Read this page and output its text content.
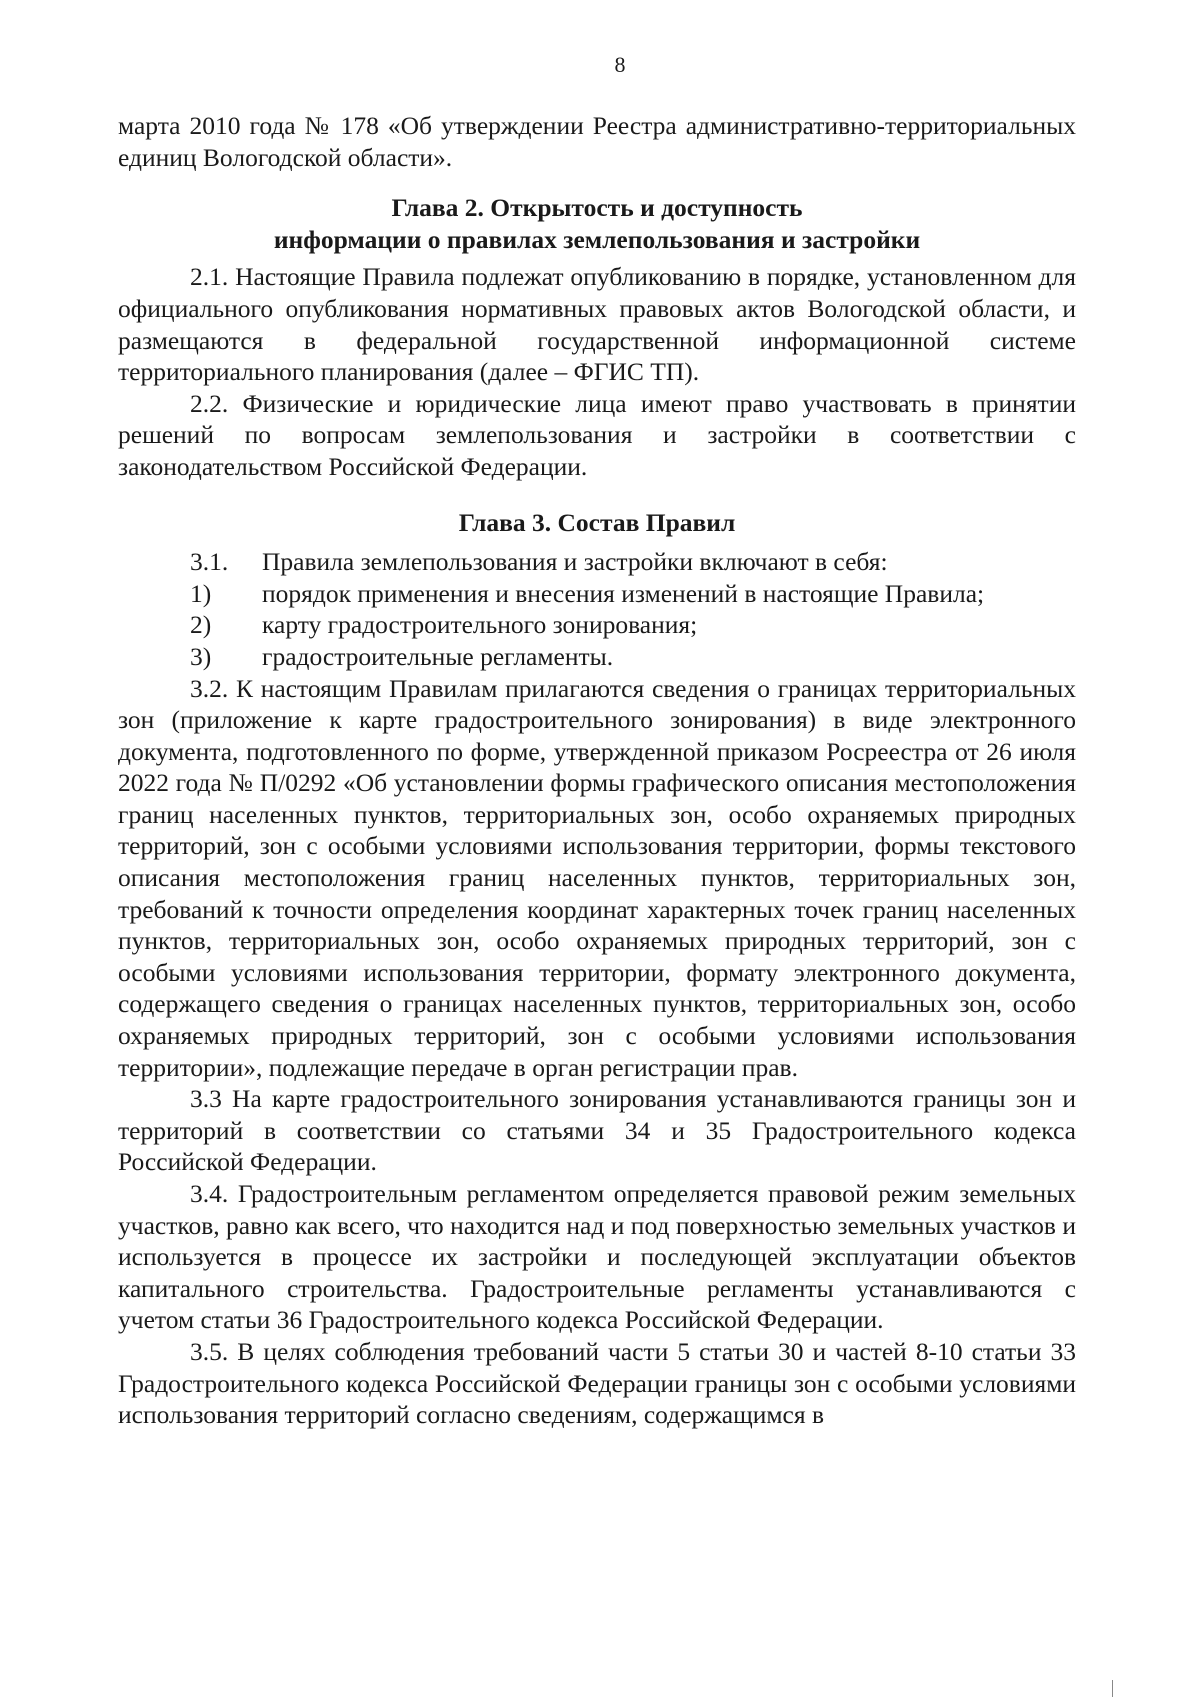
8

марта 2010 года № 178 «Об утверждении Реестра административно-территориальных единиц Вологодской области».

Глава 2. Открытость и доступность

информации о правилах землепользования и застройки

2.1. Настоящие Правила подлежат опубликованию в порядке, установленном для официального опубликования нормативных правовых актов Вологодской области, и размещаются в федеральной государственной информационной системе территориального планирования (далее – ФГИС ТП).

2.2. Физические и юридические лица имеют право участвовать в принятии решений по вопросам землепользования и застройки в соответствии с законодательством Российской Федерации.

Глава 3. Состав Правил

3.1.	Правила землепользования и застройки включают в себя:
1)	порядок применения и внесения изменений в настоящие Правила;
2)	карту градостроительного зонирования;
3)	градостроительные регламенты.

3.2. К настоящим Правилам прилагаются сведения о границах территориальных зон (приложение к карте градостроительного зонирования) в виде электронного документа, подготовленного по форме, утвержденной приказом Росреестра от 26 июля 2022 года № П/0292 «Об установлении формы графического описания местоположения границ населенных пунктов, территориальных зон, особо охраняемых природных территорий, зон с особыми условиями использования территории, формы текстового описания местоположения границ населенных пунктов, территориальных зон, требований к точности определения координат характерных точек границ населенных пунктов, территориальных зон, особо охраняемых природных территорий, зон с особыми условиями использования территории, формату электронного документа, содержащего сведения о границах населенных пунктов, территориальных зон, особо охраняемых природных территорий, зон с особыми условиями использования территории», подлежащие передаче в орган регистрации прав.

3.3 На карте градостроительного зонирования устанавливаются границы зон и территорий в соответствии со статьями 34 и 35 Градостроительного кодекса Российской Федерации.

3.4. Градостроительным регламентом определяется правовой режим земельных участков, равно как всего, что находится над и под поверхностью земельных участков и используется в процессе их застройки и последующей эксплуатации объектов капитального строительства. Градостроительные регламенты устанавливаются с учетом статьи 36 Градостроительного кодекса Российской Федерации.

3.5. В целях соблюдения требований части 5 статьи 30 и частей 8-10 статьи 33 Градостроительного кодекса Российской Федерации границы зон с особыми условиями использования территорий согласно сведениям, содержащимся в
